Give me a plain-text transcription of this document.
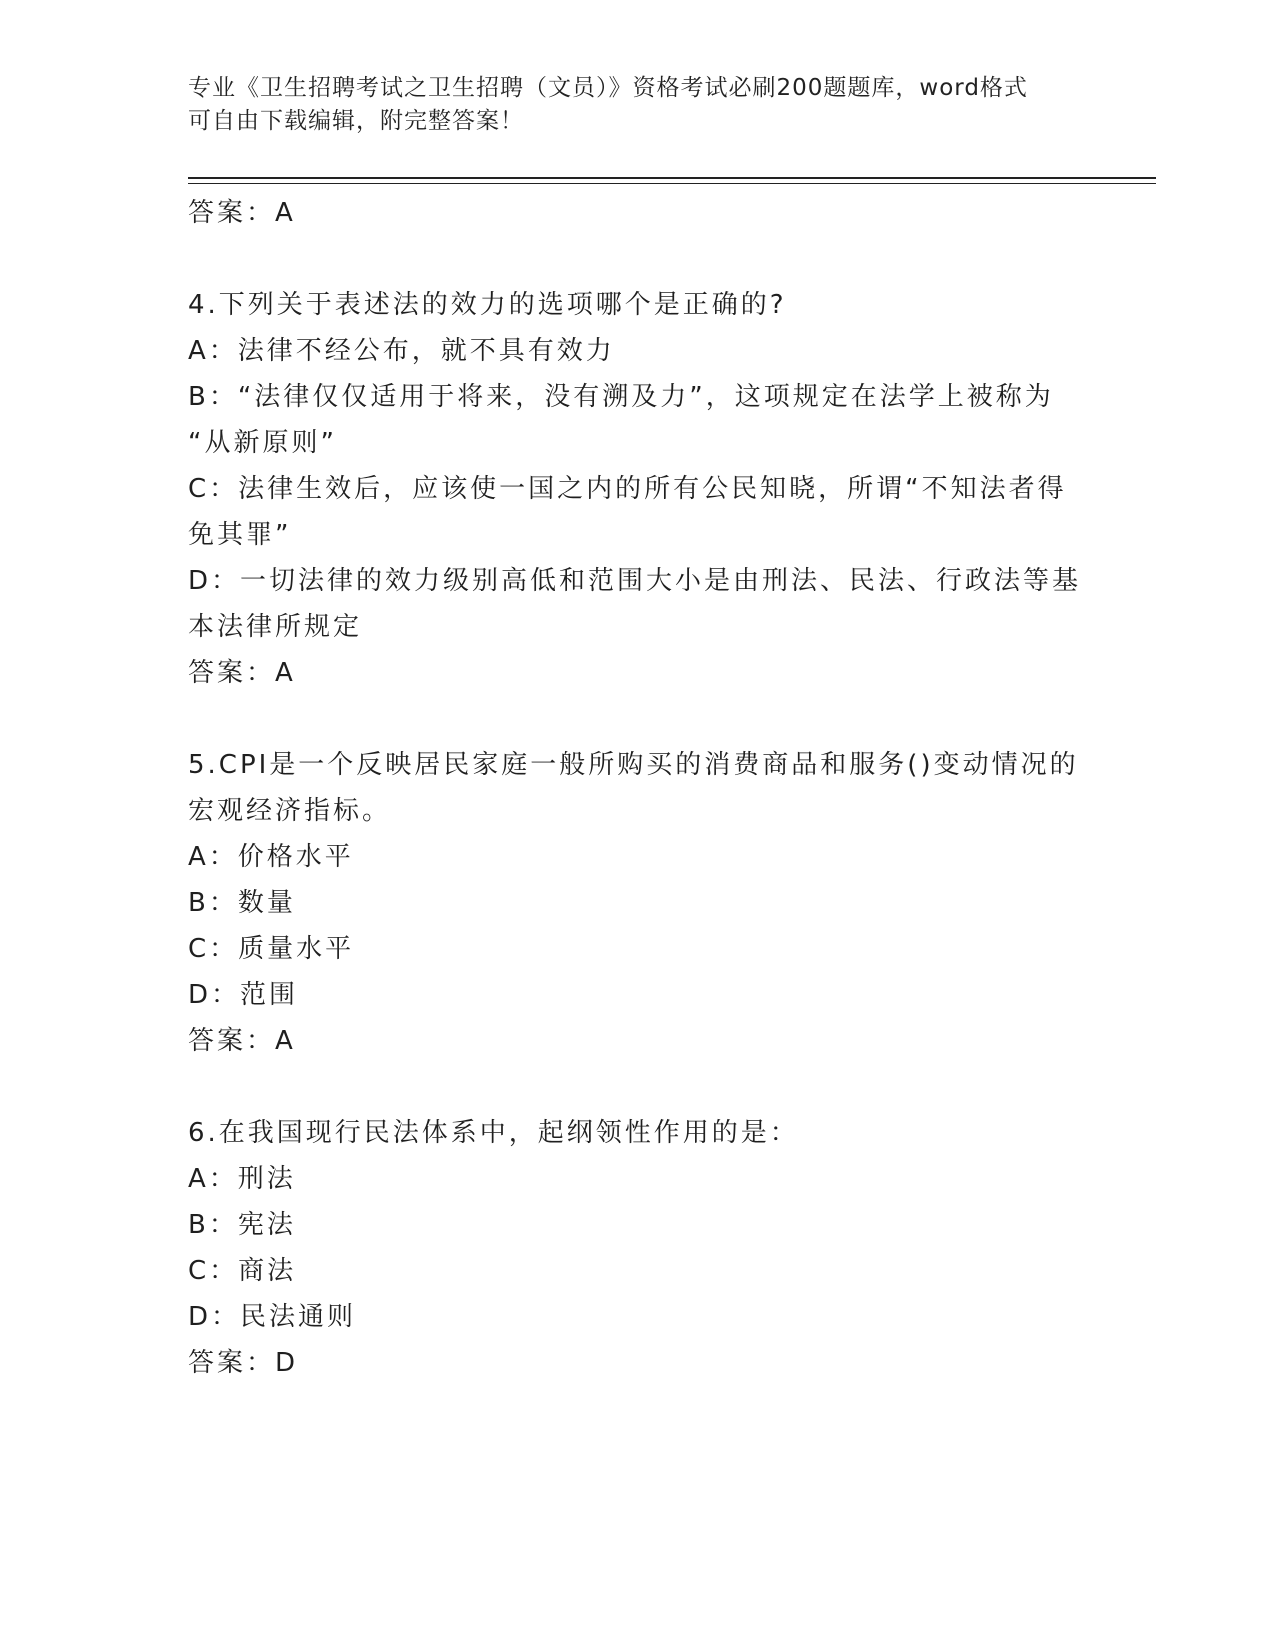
专业《卫生招聘考试之卫生招聘（文员）》资格考试必刷200题题库，word格式
可自由下载编辑，附完整答案！
答案：A
4.下列关于表述法的效力的选项哪个是正确的?
A：法律不经公布，就不具有效力
B：“法律仅仅适用于将来，没有溯及力”，这项规定在法学上被称为
“从新原则”
C：法律生效后，应该使一国之内的所有公民知晓，所谓“不知法者得
免其罪”
D：一切法律的效力级别高低和范围大小是由刑法、民法、行政法等基
本法律所规定
答案：A
5.CPI是一个反映居民家庭一般所购买的消费商品和服务()变动情况的
宏观经济指标。
A：价格水平
B：数量
C：质量水平
D：范围
答案：A
6.在我国现行民法体系中，起纲领性作用的是：
A：刑法
B：宪法
C：商法
D：民法通则
答案：D
